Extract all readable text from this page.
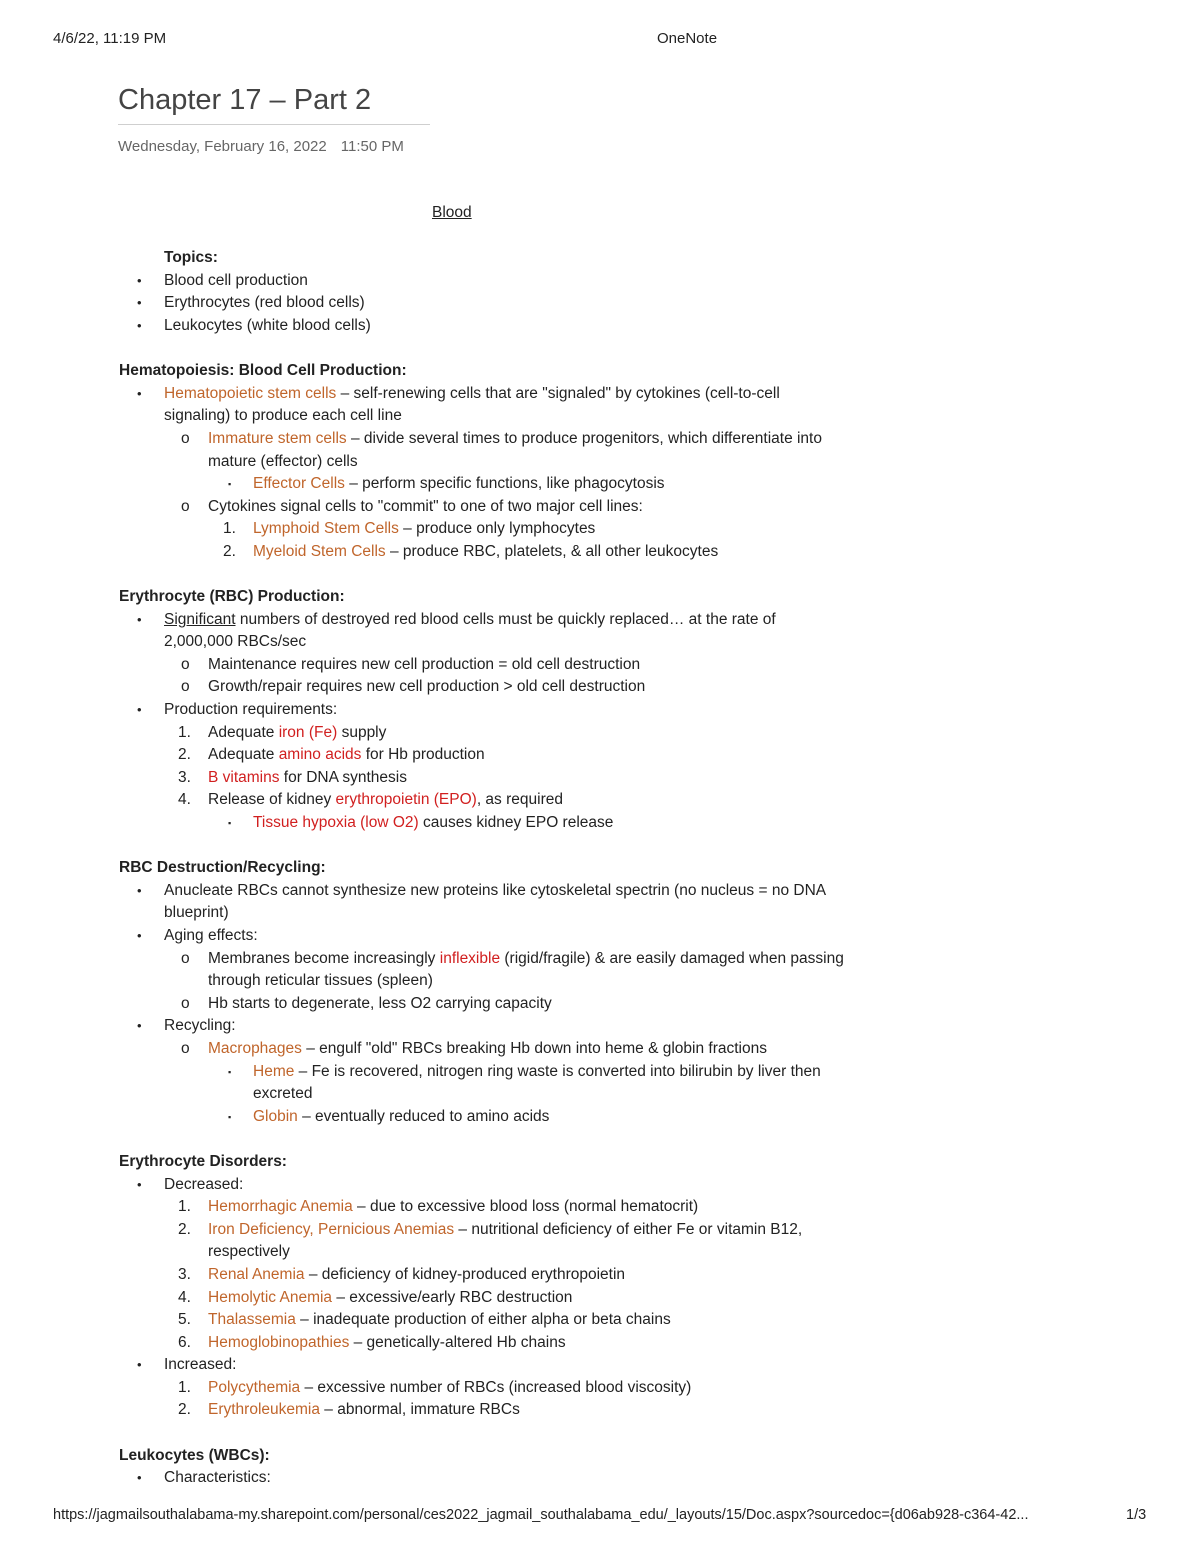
4/6/22, 11:19 PM	OneNote
Chapter 17 – Part 2
Wednesday, February 16, 2022 11:50 PM
Blood
Topics:
•	Blood cell production
•	Erythrocytes (red blood cells)
•	Leukocytes (white blood cells)
Hematopoiesis: Blood Cell Production:
•	Hematopoietic stem cells – self-renewing cells that are "signaled" by cytokines (cell-to-cell
signaling) to produce each cell line
o	Immature stem cells – divide several times to produce progenitors, which differentiate into
mature (effector) cells
▪	Effector Cells – perform specific functions, like phagocytosis
o	Cytokines signal cells to "commit" to one of two major cell lines:
1.	Lymphoid Stem Cells – produce only lymphocytes
2.	Myeloid Stem Cells – produce RBC, platelets, & all other leukocytes
Erythrocyte (RBC) Production:
•	Significant numbers of destroyed red blood cells must be quickly replaced… at the rate of
2,000,000 RBCs/sec
o	Maintenance requires new cell production = old cell destruction
o	Growth/repair requires new cell production > old cell destruction
•	Production requirements:
1.	Adequate iron (Fe) supply
2.	Adequate amino acids for Hb production
3.	B vitamins for DNA synthesis
4.	Release of kidney erythropoietin (EPO), as required
▪	Tissue hypoxia (low O2) causes kidney EPO release
RBC Destruction/Recycling:
•	Anucleate RBCs cannot synthesize new proteins like cytoskeletal spectrin (no nucleus = no DNA
blueprint)
•	Aging effects:
o	Membranes become increasingly inflexible (rigid/fragile) & are easily damaged when passing
through reticular tissues (spleen)
o	Hb starts to degenerate, less O2 carrying capacity
•	Recycling:
o	Macrophages – engulf "old" RBCs breaking Hb down into heme & globin fractions
▪	Heme – Fe is recovered, nitrogen ring waste is converted into bilirubin by liver then
excreted
▪	Globin – eventually reduced to amino acids
Erythrocyte Disorders:
•	Decreased:
1.	Hemorrhagic Anemia – due to excessive blood loss (normal hematocrit)
2.	Iron Deficiency, Pernicious Anemias – nutritional deficiency of either Fe or vitamin B12,
respectively
3.	Renal Anemia – deficiency of kidney-produced erythropoietin
4.	Hemolytic Anemia – excessive/early RBC destruction
5.	Thalassemia – inadequate production of either alpha or beta chains
6.	Hemoglobinopathies – genetically-altered Hb chains
•	Increased:
1.	Polycythemia – excessive number of RBCs (increased blood viscosity)
2.	Erythroleukemia – abnormal, immature RBCs
Leukocytes (WBCs):
•	Characteristics:
https://jagmailsouthalabama-my.sharepoint.com/personal/ces2022_jagmail_southalabama_edu/_layouts/15/Doc.aspx?sourcedoc={d06ab928-c364-42...	1/3
